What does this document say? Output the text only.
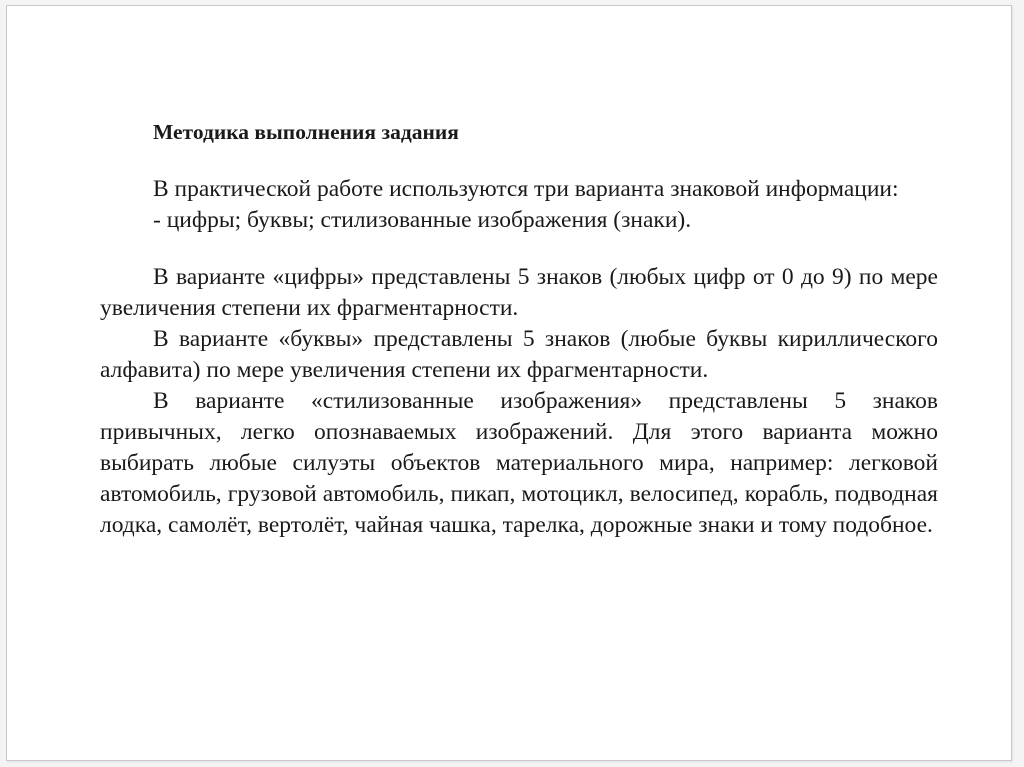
Методика выполнения задания

В практической работе используются три варианта знаковой информации:

- цифры; буквы; стилизованные изображения (знаки).

В варианте «цифры» представлены 5 знаков (любых цифр от 0 до 9) по мере увеличения степени их фрагментарности.

В варианте «буквы» представлены 5 знаков (любые буквы кириллического алфавита) по мере увеличения степени их фрагментарности.

В варианте «стилизованные изображения» представлены 5 знаков привычных, легко опознаваемых изображений. Для этого варианта можно выбирать любые силуэты объектов материального мира, например: легковой автомобиль, грузовой автомобиль, пикап, мотоцикл, велосипед, корабль, подводная лодка, самолёт, вертолёт, чайная чашка, тарелка, дорожные знаки и тому подобное.
